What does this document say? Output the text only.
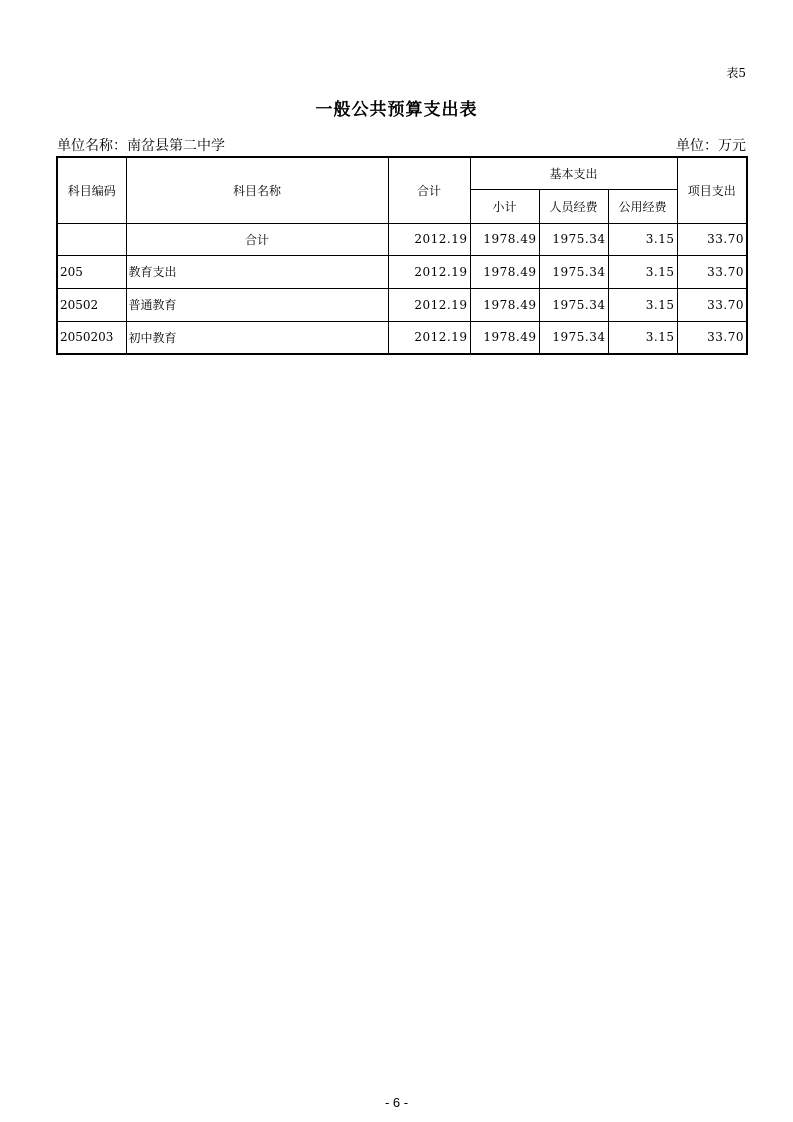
表5
一般公共预算支出表
单位名称：南岔县第二中学	单位：万元
科目编码	科目名称	合计	基本支出			项目支出
			小计	人员经费	公用经费	
	合计	2012.19	1978.49	1975.34	3.15	33.70
205	教育支出	2012.19	1978.49	1975.34	3.15	33.70
20502	普通教育	2012.19	1978.49	1975.34	3.15	33.70
2050203	初中教育	2012.19	1978.49	1975.34	3.15	33.70
- 6 -
